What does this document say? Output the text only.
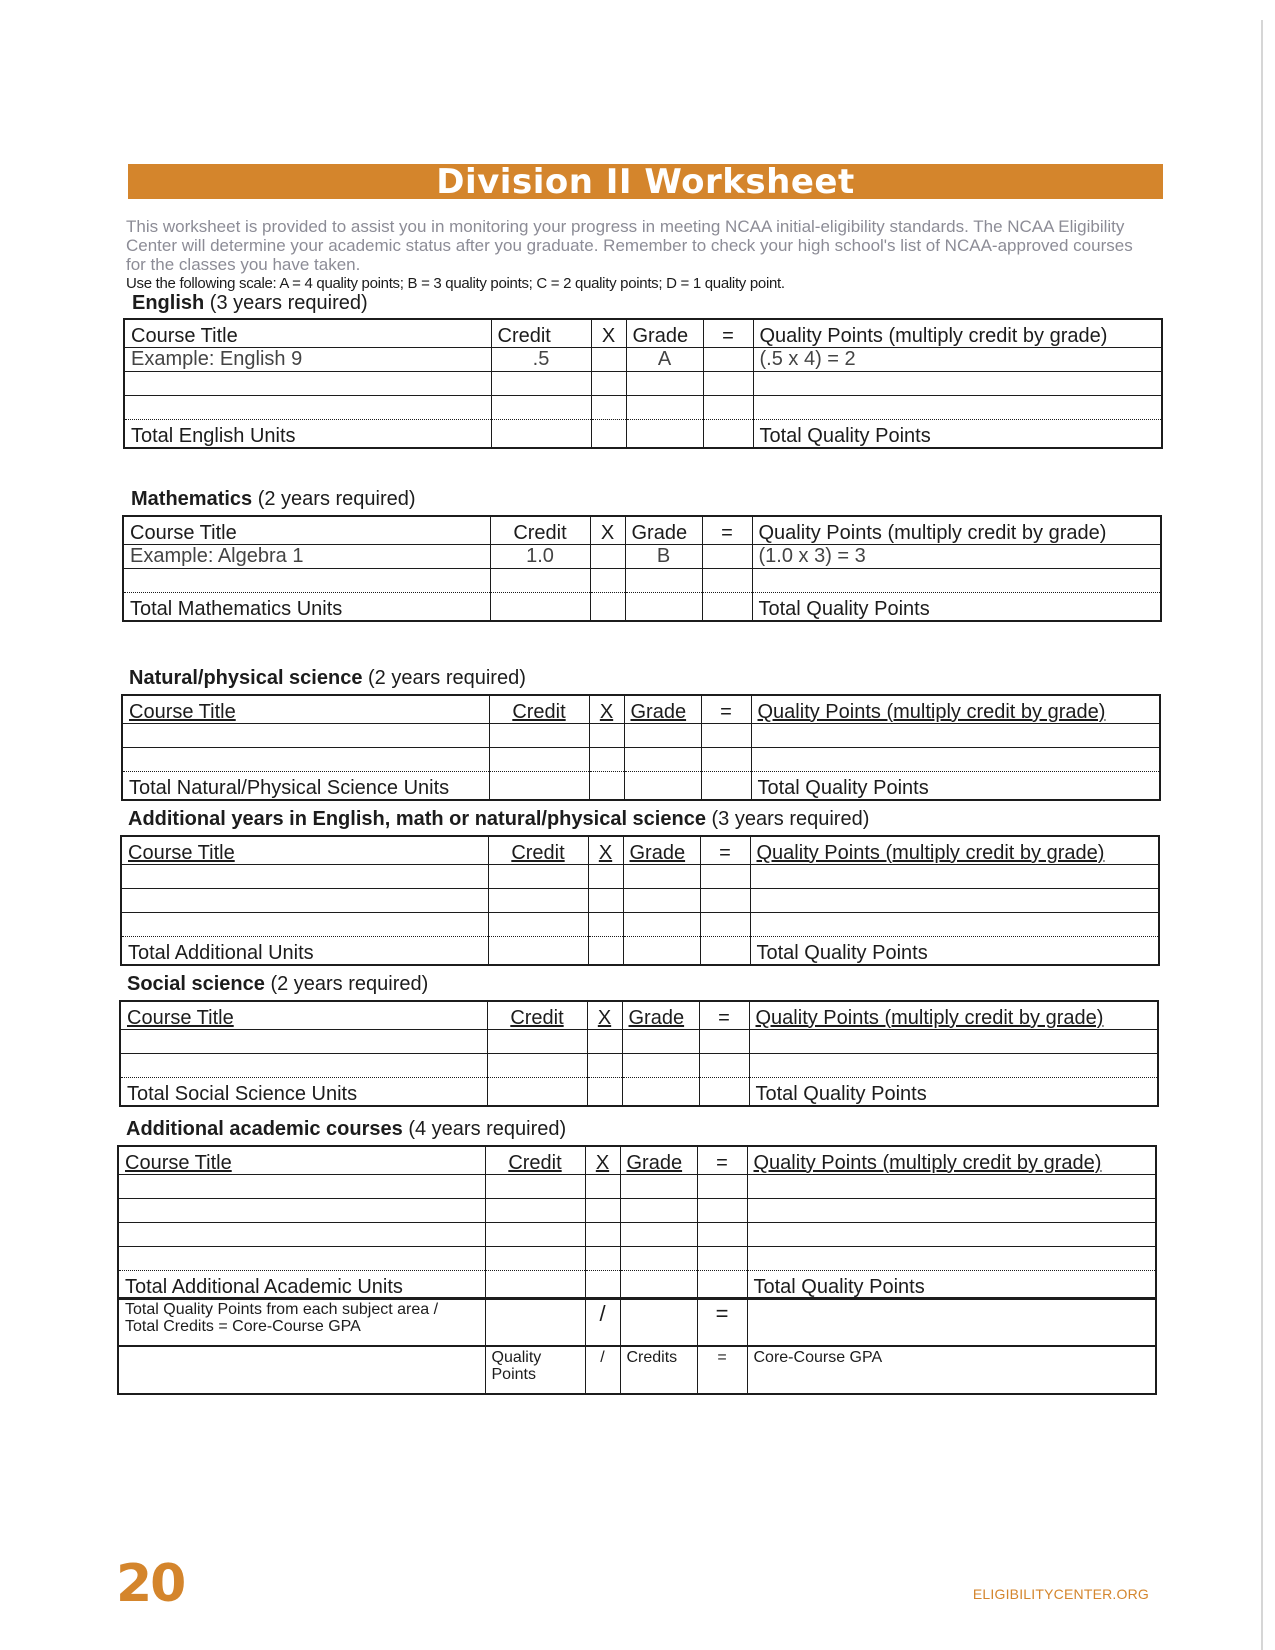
Division II Worksheet

This worksheet is provided to assist you in monitoring your progress in meeting NCAA initial-eligibility standards. The NCAA Eligibility Center will determine your academic status after you graduate. Remember to check your high school's list of NCAA-approved courses for the classes you have taken.

Use the following scale: A = 4 quality points; B = 3 quality points; C = 2 quality points; D = 1 quality point.

English (3 years required)

Course Title	Credit	X	Grade	=	Quality Points (multiply credit by grade)
Example: English 9	.5		A		(.5 x 4) = 2

Total English Units					Total Quality Points

Mathematics (2 years required)

Course Title	Credit	X	Grade	=	Quality Points (multiply credit by grade)
Example: Algebra 1	1.0		B		(1.0 x 3) = 3

Total Mathematics Units					Total Quality Points

Natural/physical science (2 years required)

Course Title	Credit	X	Grade	=	Quality Points (multiply credit by grade)

Total Natural/Physical Science Units					Total Quality Points

Additional years in English, math or natural/physical science (3 years required)

Course Title	Credit	X	Grade	=	Quality Points (multiply credit by grade)

Total Additional Units					Total Quality Points

Social science (2 years required)

Course Title	Credit	X	Grade	=	Quality Points (multiply credit by grade)

Total Social Science Units					Total Quality Points

Additional academic courses (4 years required)

Course Title	Credit	X	Grade	=	Quality Points (multiply credit by grade)

Total Additional Academic Units					Total Quality Points
Total Quality Points from each subject area /
Total Credits = Core-Course GPA		/		=	

	Quality
Points	/	Credits	=	Core-Course GPA
20	ELIGIBILITYCENTER.ORG
